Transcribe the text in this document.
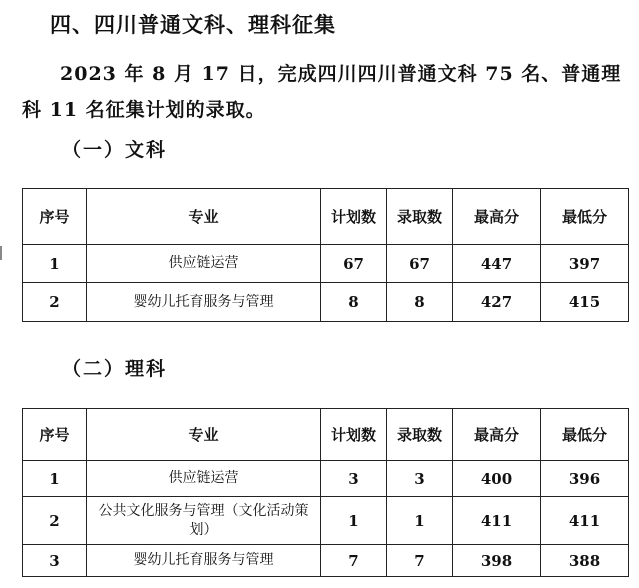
四、四川普通文科、理科征集
2023 年 8 月 17 日，完成四川四川普通文科 75 名、普通理科 11 名征集计划的录取。
（一）文科
序号	专业	计划数	录取数	最高分	最低分
1	供应链运营	67	67	447	397
2	婴幼儿托育服务与管理	8	8	427	415
（二）理科
序号	专业	计划数	录取数	最高分	最低分
1	供应链运营	3	3	400	396
2	公共文化服务与管理（文化活动策划）	1	1	411	411
3	婴幼儿托育服务与管理	7	7	398	388
